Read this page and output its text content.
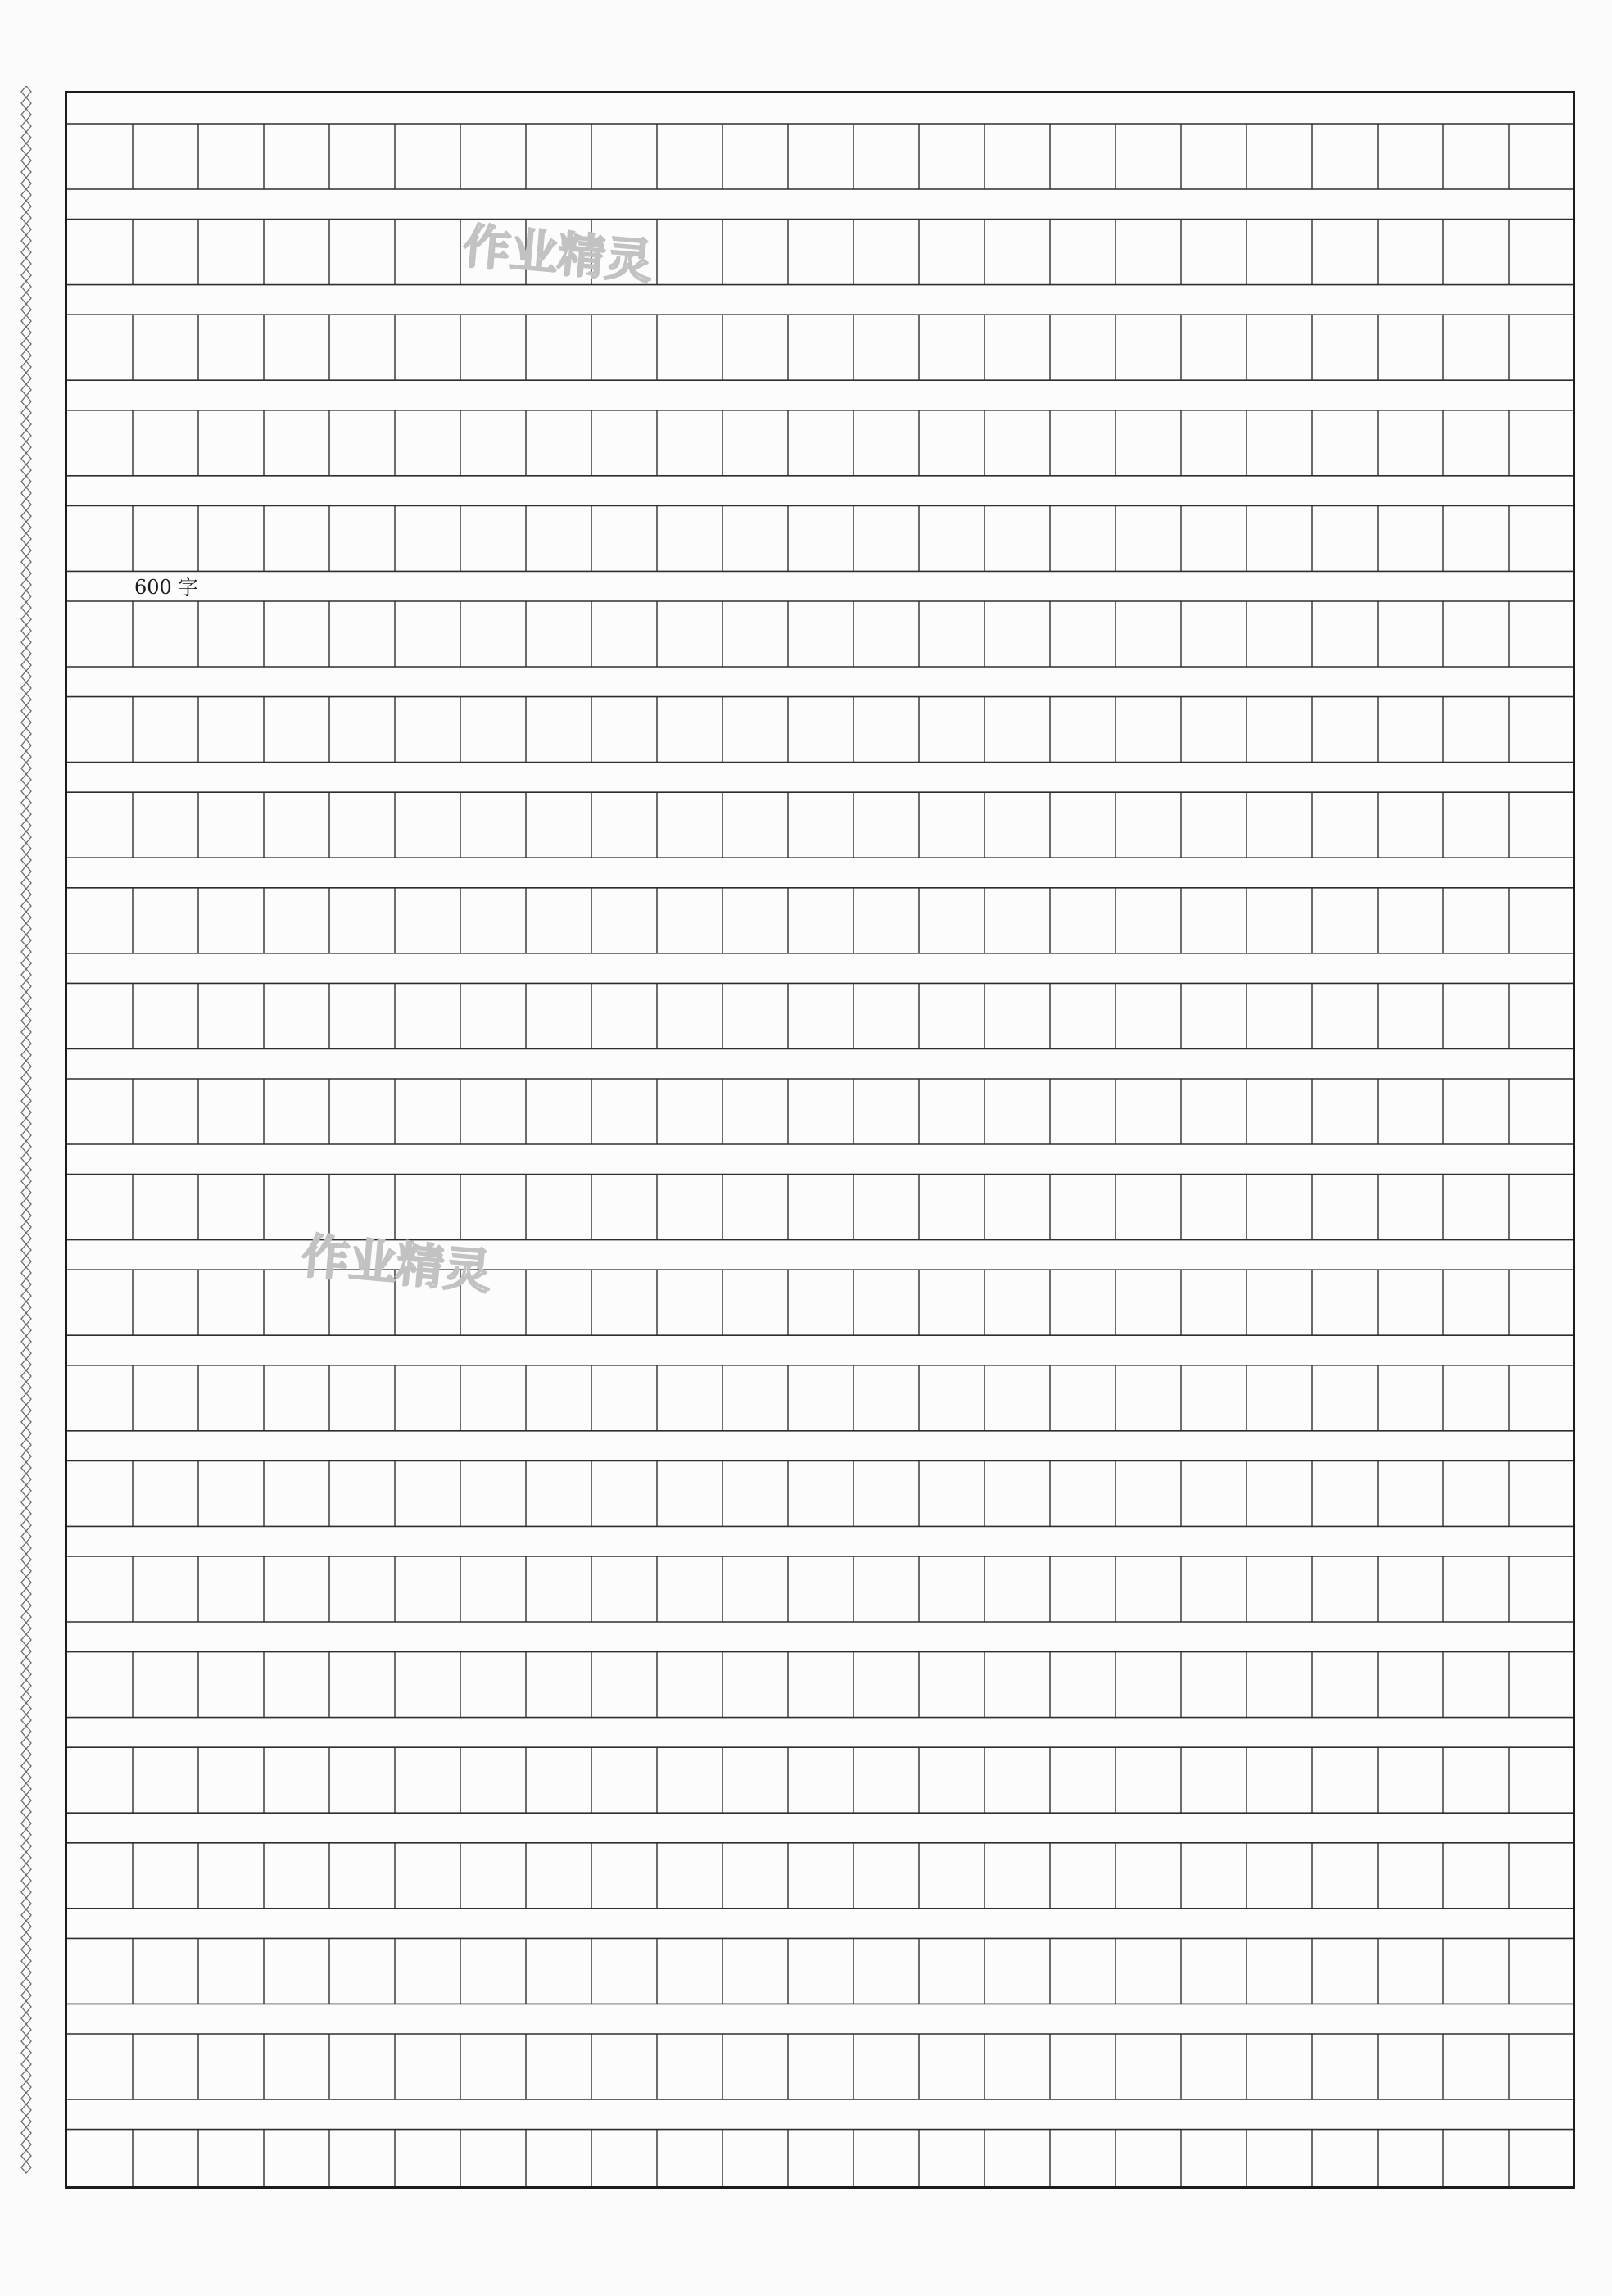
600 字
作业精灵
作业精灵
